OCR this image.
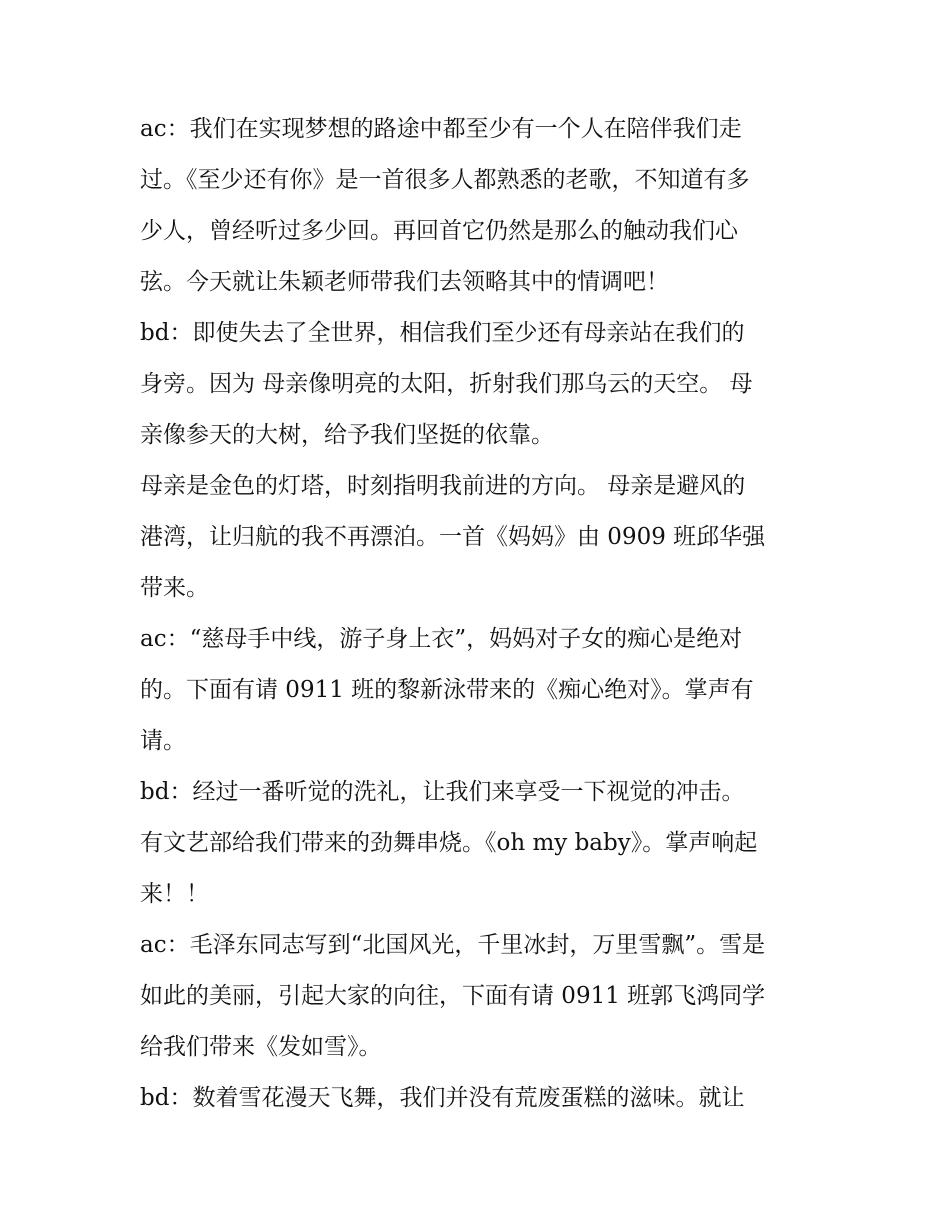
ac：我们在实现梦想的路途中都至少有一个人在陪伴我们走
过。《至少还有你》是一首很多人都熟悉的老歌，不知道有多
少人，曾经听过多少回。再回首它仍然是那么的触动我们心
弦。今天就让朱颖老师带我们去领略其中的情调吧！
bd：即使失去了全世界，相信我们至少还有母亲站在我们的
身旁。因为 母亲像明亮的太阳，折射我们那乌云的天空。 母
亲像参天的大树，给予我们坚挺的依靠。
母亲是金色的灯塔，时刻指明我前进的方向。 母亲是避风的
港湾，让归航的我不再漂泊。一首《妈妈》由 0909 班邱华强
带来。
ac：“慈母手中线，游子身上衣”，妈妈对子女的痴心是绝对
的。下面有请 0911 班的黎新泳带来的《痴心绝对》。掌声有
请。
bd：经过一番听觉的洗礼，让我们来享受一下视觉的冲击。
有文艺部给我们带来的劲舞串烧。《oh my baby》。掌声响起
来！！
ac：毛泽东同志写到“北国风光，千里冰封，万里雪飘”。雪是
如此的美丽，引起大家的向往，下面有请 0911 班郭飞鸿同学
给我们带来《发如雪》。
bd：数着雪花漫天飞舞，我们并没有荒废蛋糕的滋味。就让
